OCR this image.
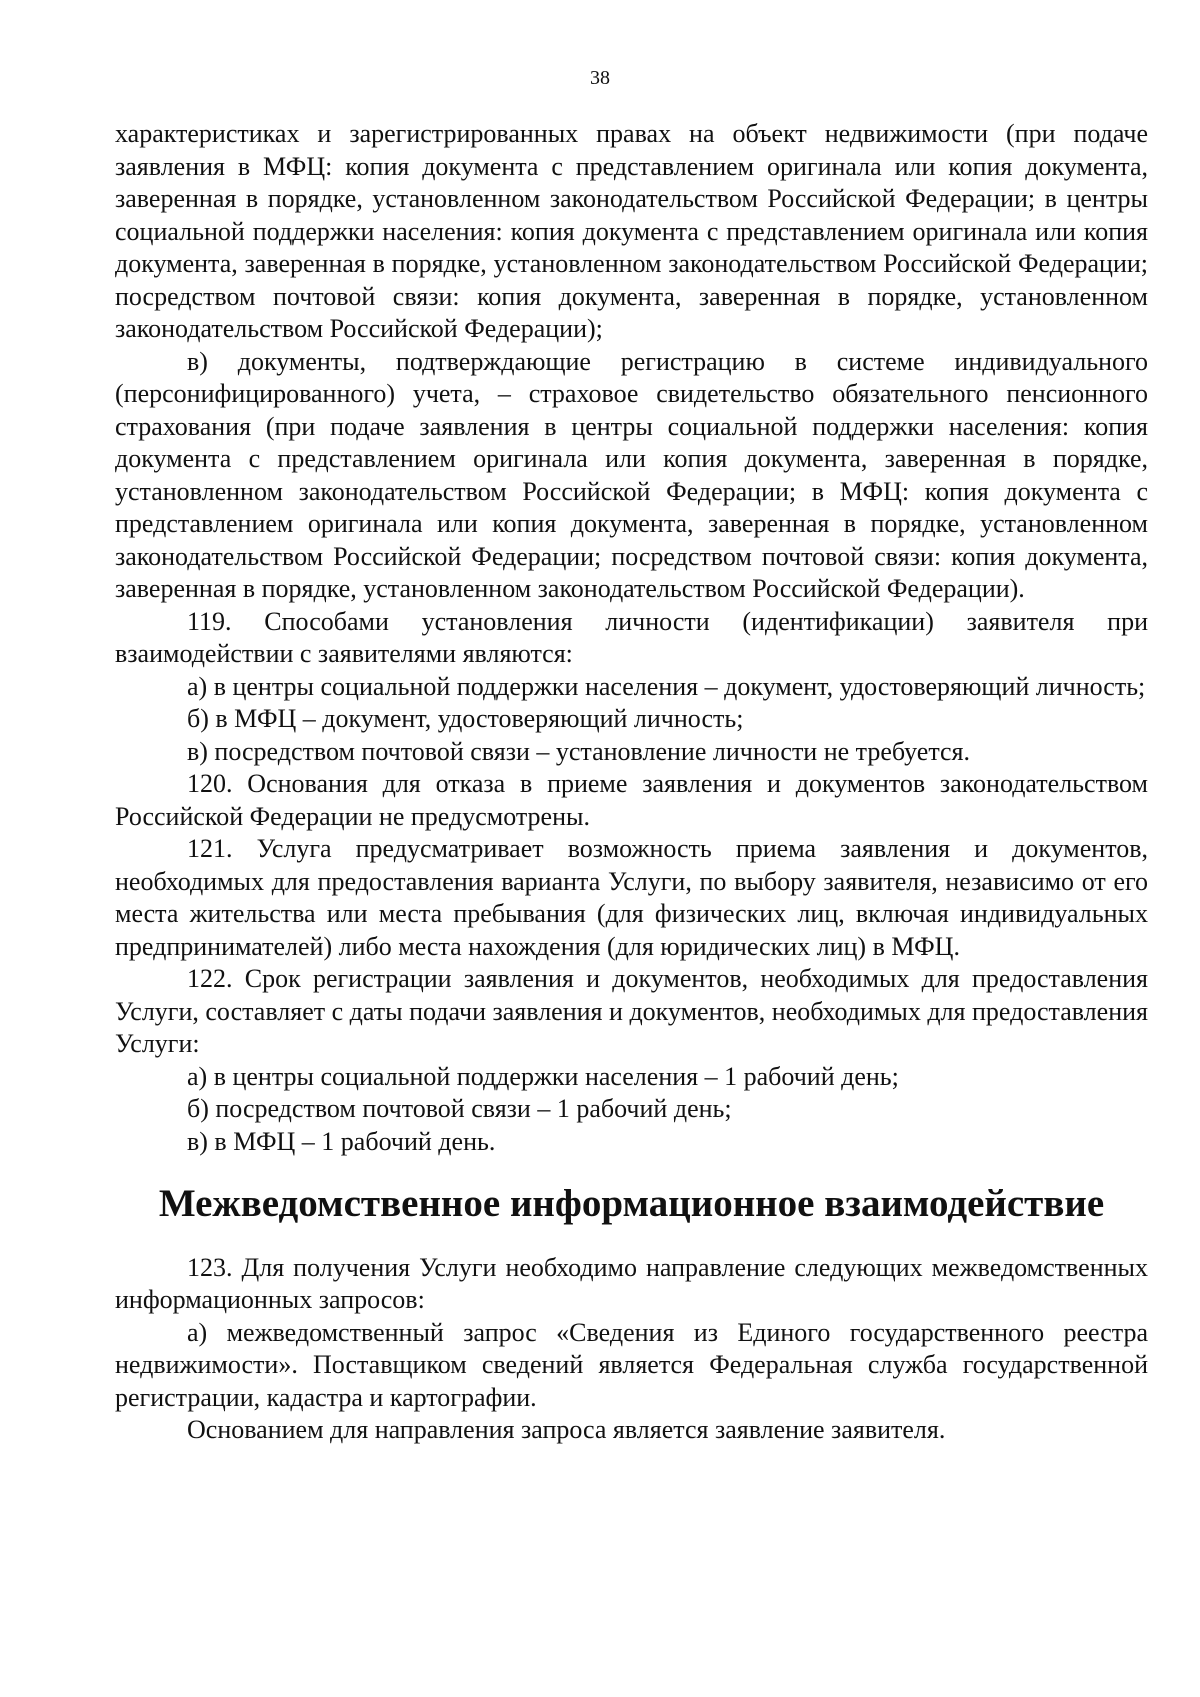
38

характеристиках и зарегистрированных правах на объект недвижимости (при подаче заявления в МФЦ: копия документа с представлением оригинала или копия документа, заверенная в порядке, установленном законодательством Российской Федерации; в центры социальной поддержки населения: копия документа с представлением оригинала или копия документа, заверенная в порядке, установленном законодательством Российской Федерации; посредством почтовой связи: копия документа, заверенная в порядке, установленном законодательством Российской Федерации);

в) документы, подтверждающие регистрацию в системе индивидуального (персонифицированного) учета, – страховое свидетельство обязательного пенсионного страхования (при подаче заявления в центры социальной поддержки населения: копия документа с представлением оригинала или копия документа, заверенная в порядке, установленном законодательством Российской Федерации; в МФЦ: копия документа с представлением оригинала или копия документа, заверенная в порядке, установленном законодательством Российской Федерации; посредством почтовой связи: копия документа, заверенная в порядке, установленном законодательством Российской Федерации).

119. Способами установления личности (идентификации) заявителя при взаимодействии с заявителями являются:

а) в центры социальной поддержки населения – документ, удостоверяющий личность;

б) в МФЦ – документ, удостоверяющий личность;

в) посредством почтовой связи – установление личности не требуется.

120. Основания для отказа в приеме заявления и документов законодательством Российской Федерации не предусмотрены.

121. Услуга предусматривает возможность приема заявления и документов, необходимых для предоставления варианта Услуги, по выбору заявителя, независимо от его места жительства или места пребывания (для физических лиц, включая индивидуальных предпринимателей) либо места нахождения (для юридических лиц) в МФЦ.

122. Срок регистрации заявления и документов, необходимых для предоставления Услуги, составляет с даты подачи заявления и документов, необходимых для предоставления Услуги:

а) в центры социальной поддержки населения – 1 рабочий день;

б) посредством почтовой связи – 1 рабочий день;

в) в МФЦ – 1 рабочий день.

Межведомственное информационное взаимодействие

123. Для получения Услуги необходимо направление следующих межведомственных информационных запросов:

а) межведомственный запрос «Сведения из Единого государственного реестра недвижимости». Поставщиком сведений является Федеральная служба государственной регистрации, кадастра и картографии.

Основанием для направления запроса является заявление заявителя.
